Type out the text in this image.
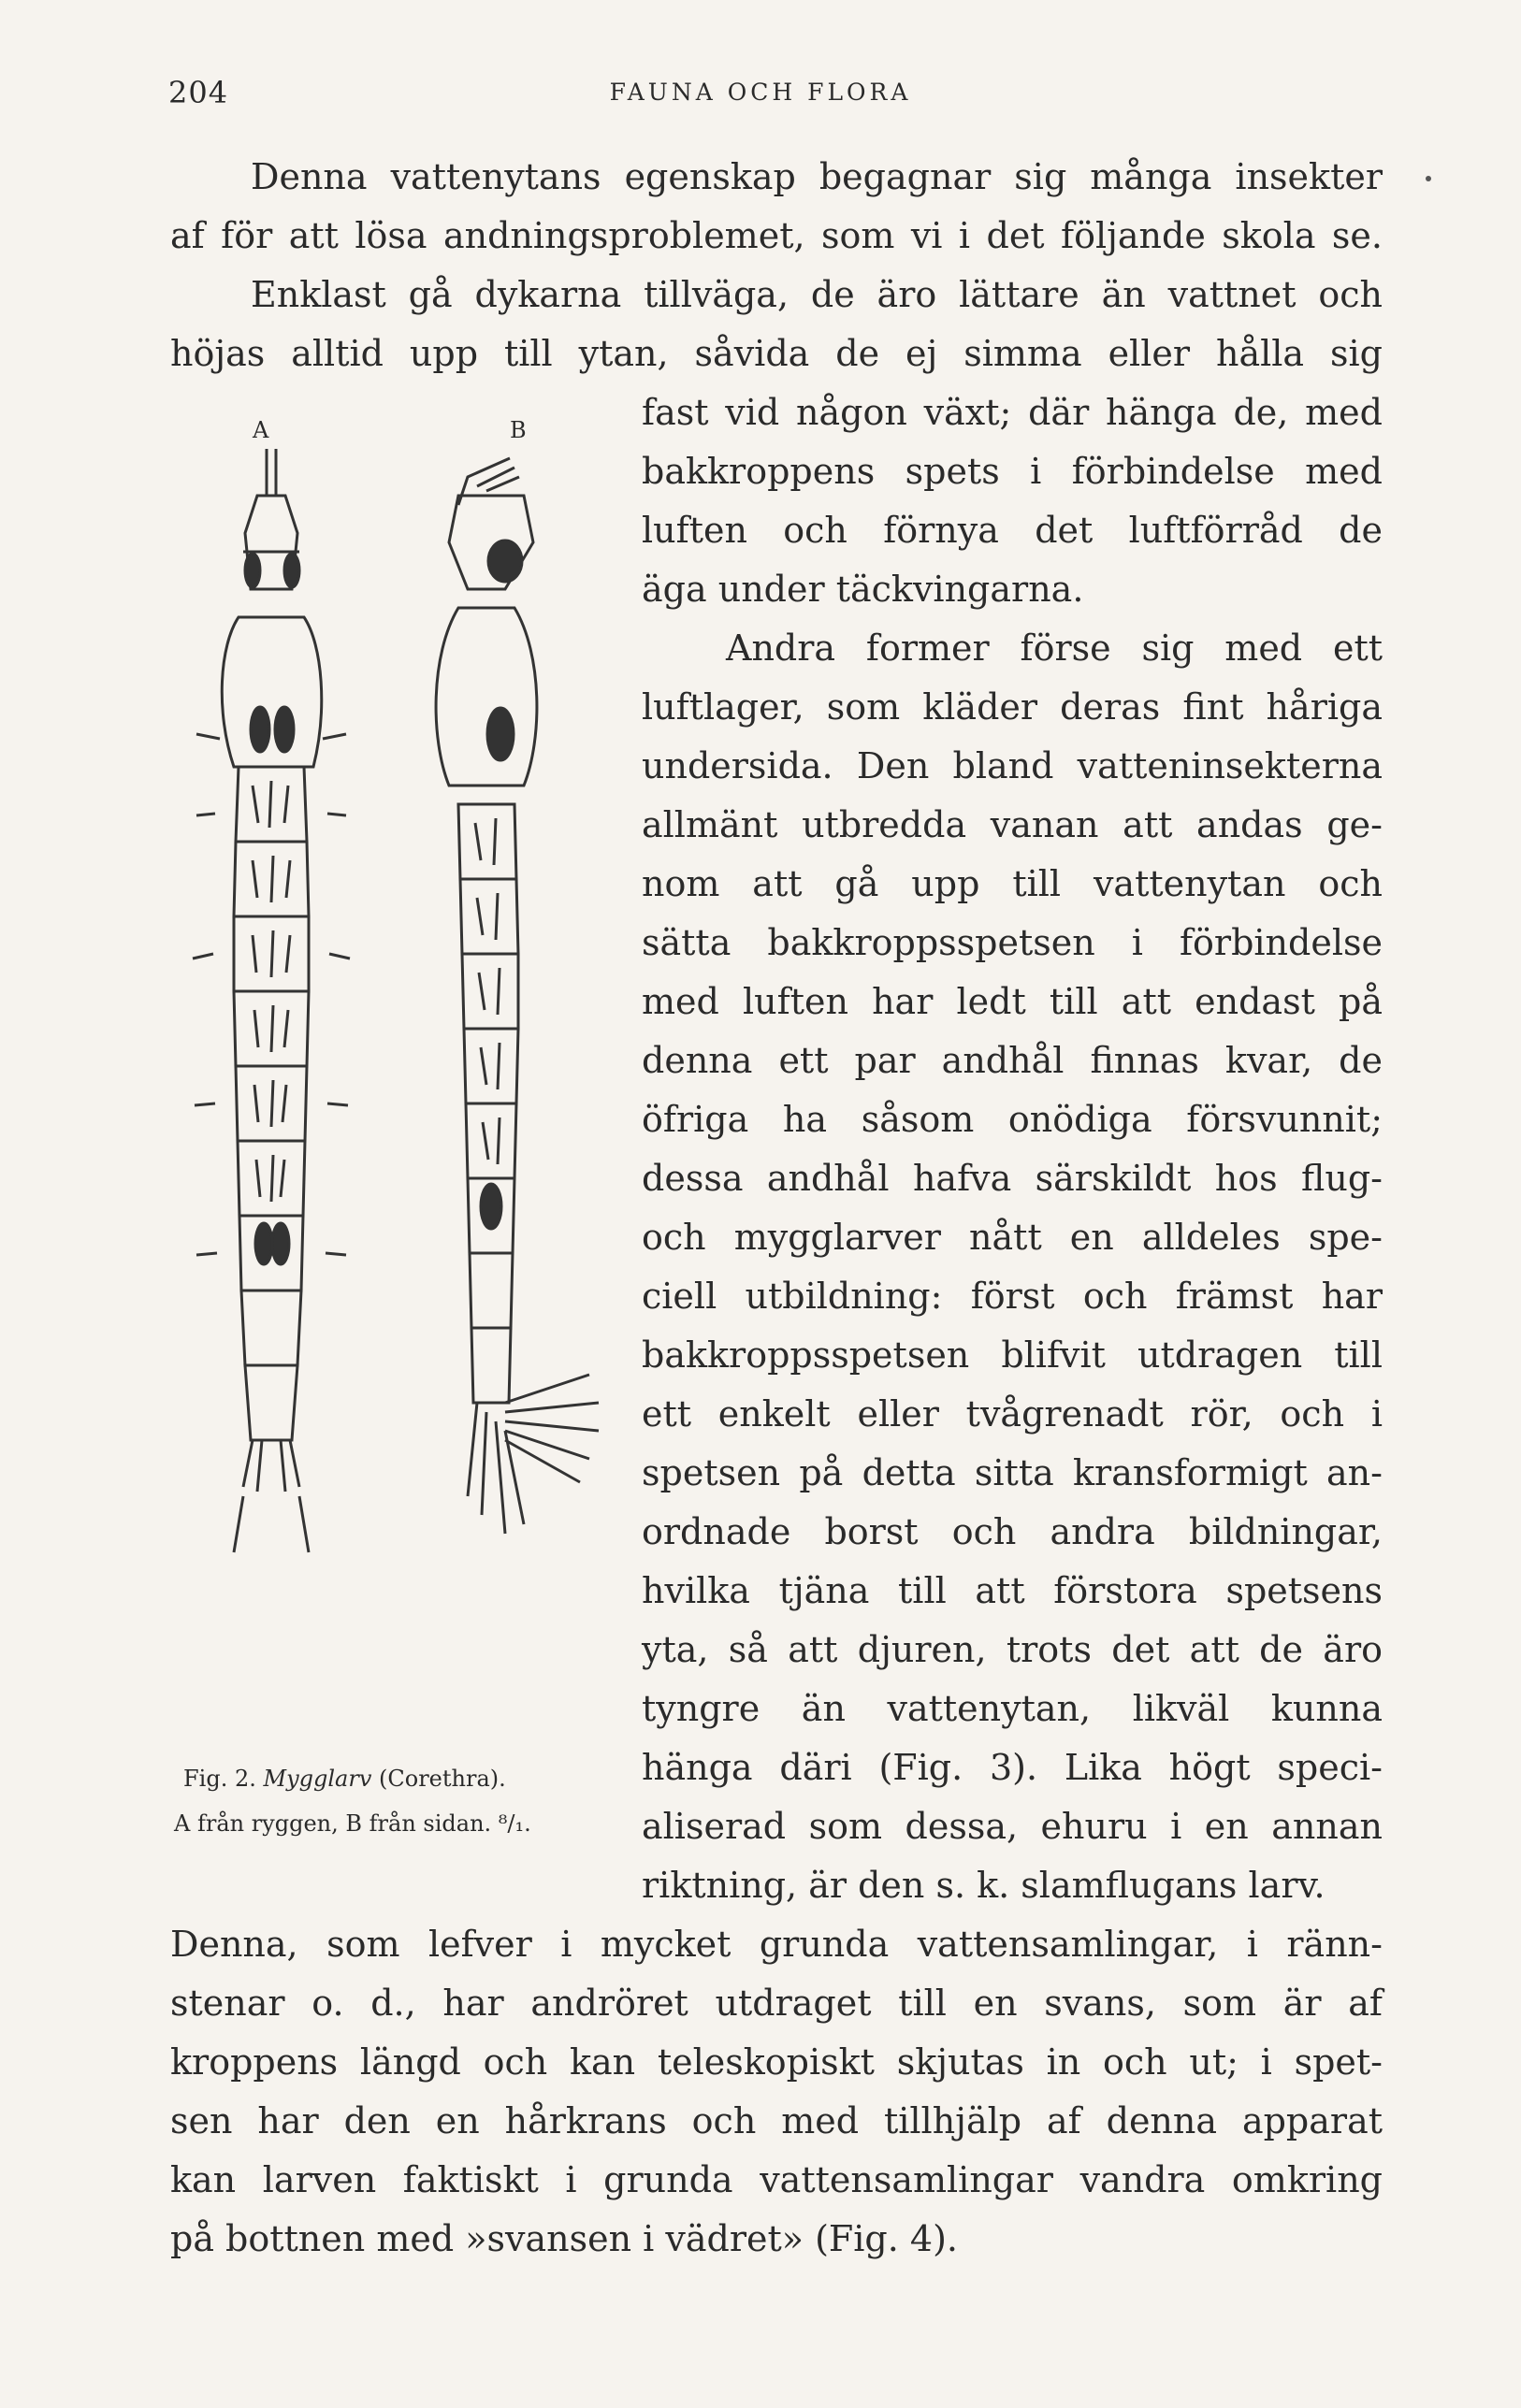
204	FAUNA OCH FLORA
Denna vattenytans egenskap begagnar sig många insekter
af för att lösa andningsproblemet, som vi i det följande skola se.
Enklast gå dykarna tillväga, de äro lättare än vattnet och
höjas alltid upp till ytan, såvida de ej simma eller hålla sig
fast vid någon växt; där hänga de, med
bakkroppens spets i förbindelse med
luften och förnya det luftförråd de
äga under täckvingarna.
Andra former förse sig med ett
luftlager, som kläder deras fint håriga
undersida. Den bland vatteninsekterna
allmänt utbredda vanan att andas ge-
nom att gå upp till vattenytan och
sätta bakkroppsspetsen i förbindelse
med luften har ledt till att endast på
denna ett par andhål finnas kvar, de
öfriga ha såsom onödiga försvunnit;
dessa andhål hafva särskildt hos flug-
och mygglarver nått en alldeles spe-
ciell utbildning: först och främst har
bakkroppsspetsen blifvit utdragen till
ett enkelt eller tvågrenadt rör, och i
spetsen på detta sitta kransformigt an-
ordnade borst och andra bildningar,
hvilka tjäna till att förstora spetsens
yta, så att djuren, trots det att de äro
tyngre än vattenytan, likväl kunna
hänga däri (Fig. 3). Lika högt speci-
aliserad som dessa, ehuru i en annan
riktning, är den s. k. slamflugans larv.
Denna, som lefver i mycket grunda vattensamlingar, i ränn-
stenar o. d., har andröret utdraget till en svans, som är af
kroppens längd och kan teleskopiskt skjutas in och ut; i spet-
sen har den en hårkrans och med tillhjälp af denna apparat
kan larven faktiskt i grunda vattensamlingar vandra omkring
på bottnen med »svansen i vädret» (Fig. 4).
A	B
Fig. 2. Mygglarv (Corethra).
A från ryggen, B från sidan. ⁸/₁.
